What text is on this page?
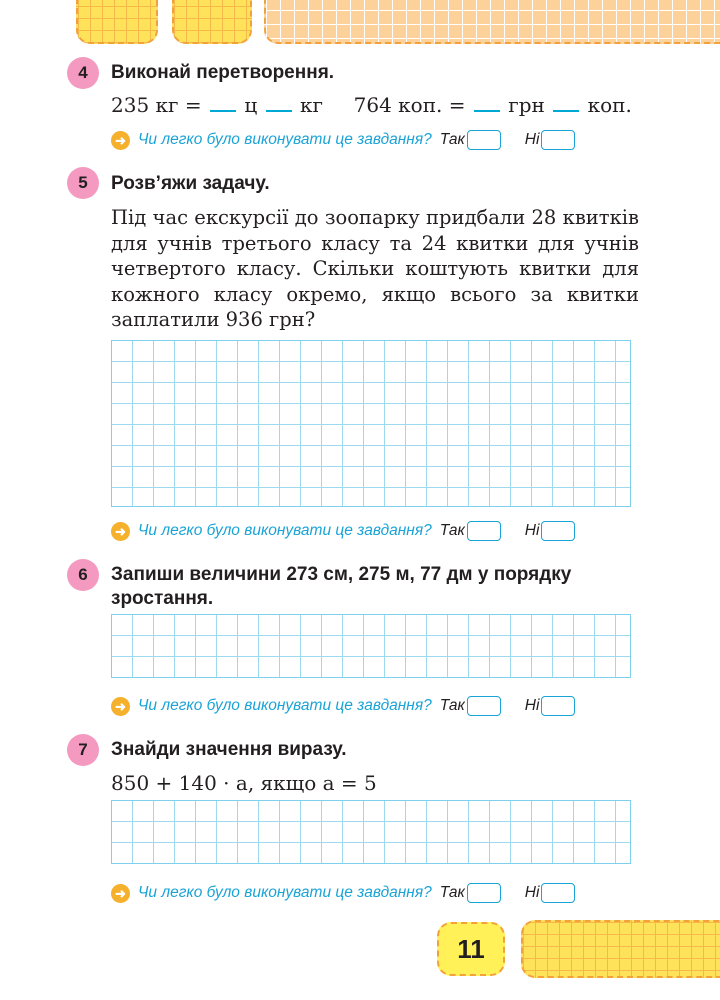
4	Виконай перетворення.
235 кг = ц кг 764 коп. = грн коп.
➜ Чи легко було виконувати це завдання? Так	Ні
5	Розв’яжи задачу.
Під час екскурсії до зоопарку придбали 28 квитків для учнів третього класу та 24 квитки для учнів четвертого класу. Скільки коштують квитки для кожного класу окремо, якщо всього за квитки заплатили 936 грн?
➜ Чи легко було виконувати це завдання? Так	Ні
6	Запиши величини 273 см, 275 м, 77 дм у порядку
зростання.
➜ Чи легко було виконувати це завдання? Так	Ні
7	Знайди значення виразу.
850 + 140 · a, якщо a = 5
➜ Чи легко було виконувати це завдання? Так	Ні
11
